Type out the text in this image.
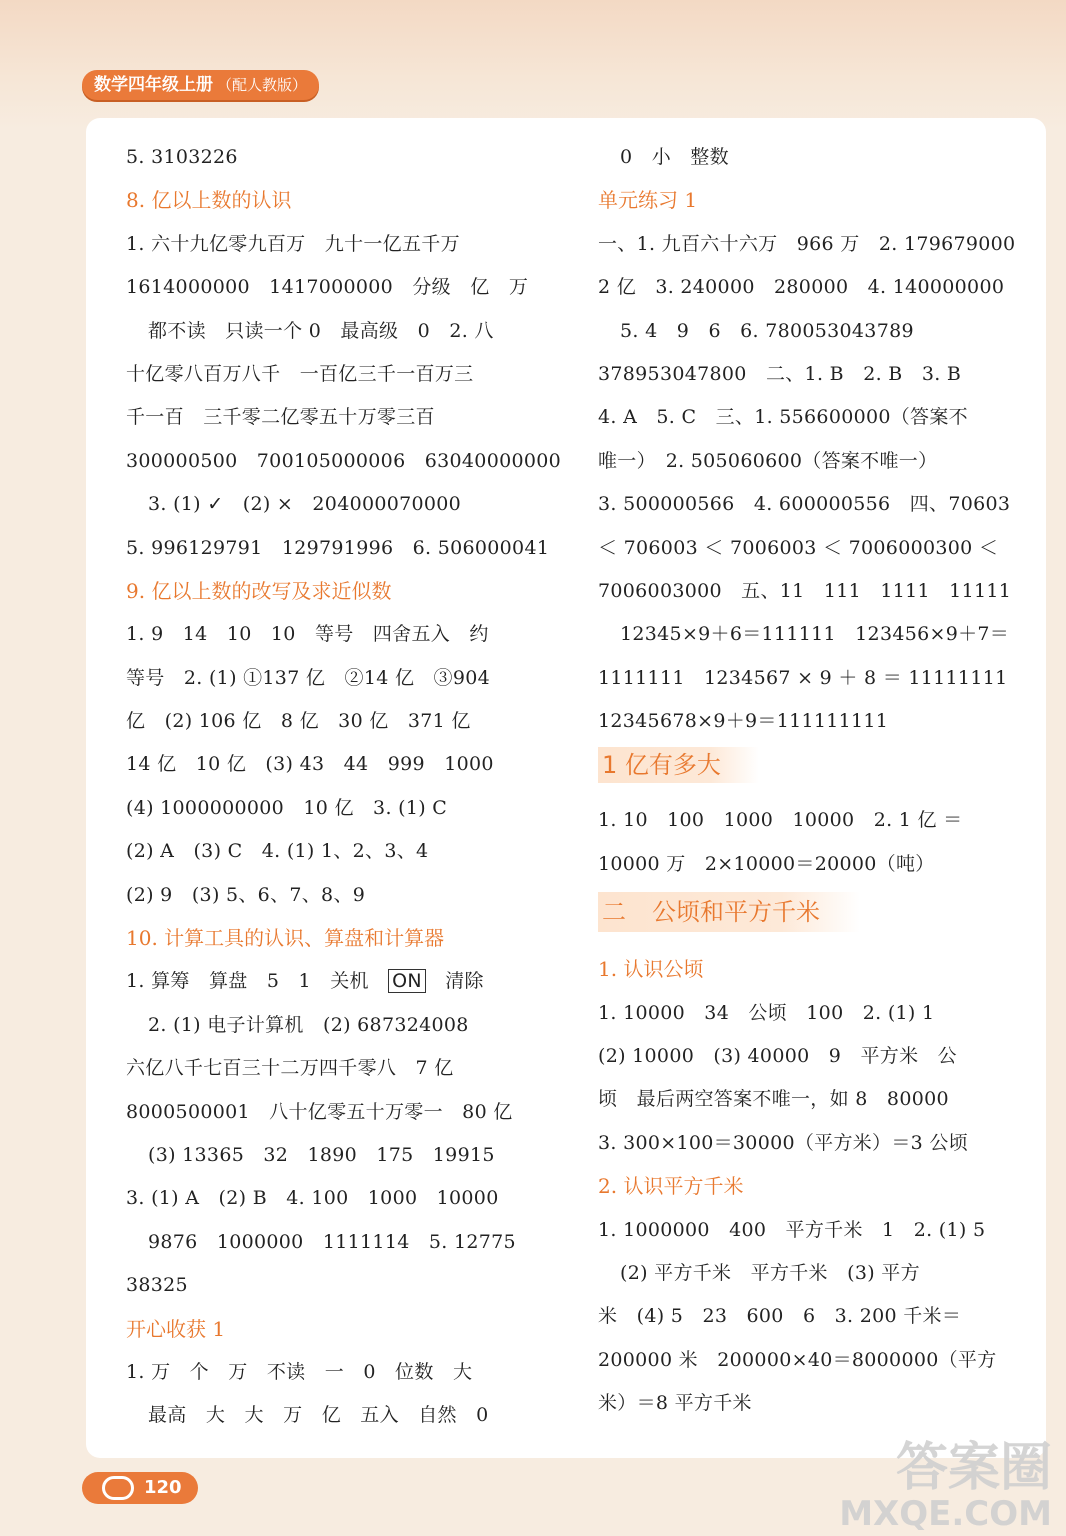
数学四年级上册 （配人教版）
5. 3103226
8. 亿以上数的认识
1. 六十九亿零九百万　九十一亿五千万
1614000000　1417000000　分级　亿　万
都不读　只读一个 0　最高级　0　2. 八
十亿零八百万八千　一百亿三千一百万三
千一百　三千零二亿零五十万零三百
300000500　700105000006　63040000000
3. (1) ✓　(2) ×　204000070000
5. 996129791　129791996　6. 506000041
9. 亿以上数的改写及求近似数
1. 9　14　10　10　等号　四舍五入　约
等号　2. (1) ①137 亿　②14 亿　③904
亿　(2) 106 亿　8 亿　30 亿　371 亿
14 亿　10 亿　(3) 43　44　999　1000
(4) 1000000000　10 亿　3. (1) C
(2) A　(3) C　4. (1) 1、2、3、4
(2) 9　(3) 5、6、7、8、9
10. 计算工具的认识、算盘和计算器
1. 算筹　算盘　5　1　关机　ON　清除
2. (1) 电子计算机　(2) 687324008
六亿八千七百三十二万四千零八　7 亿
8000500001　八十亿零五十万零一　80 亿
(3) 13365　32　1890　175　19915
3. (1) A　(2) B　4. 100　1000　10000
9876　1000000　1111114　5. 12775
38325
开心收获 1
1. 万　个　万　不读　一　0　位数　大
最高　大　大　万　亿　五入　自然　0
0　小　整数
单元练习 1
一、1. 九百六十六万　966 万　2. 179679000
2 亿　3. 240000　280000　4. 140000000
5. 4　9　6　6. 780053043789
378953047800　二、1. B　2. B　3. B
4. A　5. C　三、1. 556600000（答案不
唯一）　2. 505060600（答案不唯一）
3. 500000566　4. 600000556　四、70603
＜ 706003 ＜ 7006003 ＜ 7006000300 ＜
7006003000　五、11　111　1111　11111
12345×9＋6＝111111　123456×9＋7＝
1111111　1234567 × 9 ＋ 8 ＝ 11111111
12345678×9＋9＝111111111
1 亿有多大
1. 10　100　1000　10000　2. 1 亿 ＝
10000 万　2×10000＝20000（吨）
二 公顷和平方千米
1. 认识公顷
1. 10000　34　公顷　100　2. (1) 1
(2) 10000　(3) 40000　9　平方米　公
顷　最后两空答案不唯一，如 8　80000
3. 300×100＝30000（平方米）＝3 公顷
2. 认识平方千米
1. 1000000　400　平方千米　1　2. (1) 5
(2) 平方千米　平方千米　(3) 平方
米　(4) 5　23　600　6　3. 200 千米＝
200000 米　200000×40＝8000000（平方
米）＝8 平方千米
120	答案圈
MXQE.COM
